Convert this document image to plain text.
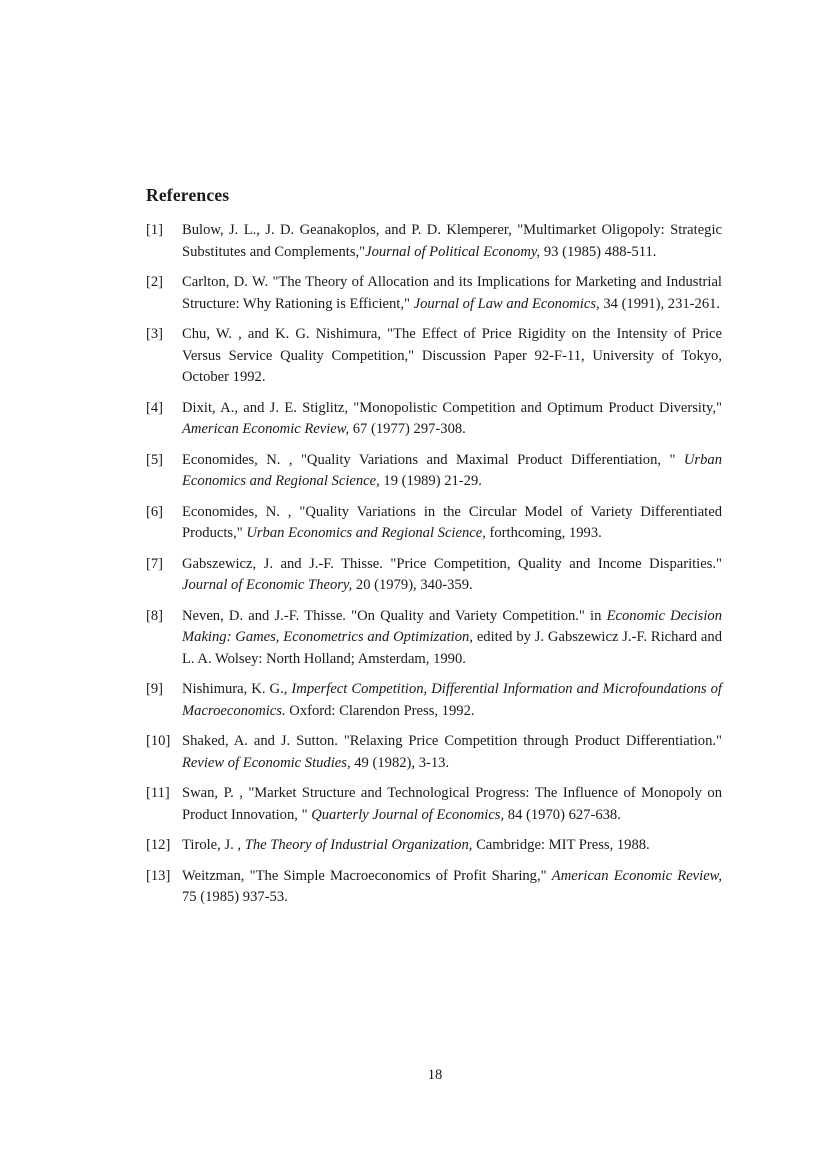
References
[1]	Bulow, J. L., J. D. Geanakoplos, and P. D. Klemperer, "Multimarket Oligopoly: Strategic Substitutes and Complements,"Journal of Political Economy, 93 (1985) 488-511.
[2]	Carlton, D. W. "The Theory of Allocation and its Implications for Marketing and Industrial Structure: Why Rationing is Efficient," Journal of Law and Economics, 34 (1991), 231-261.
[3]	Chu, W. , and K. G. Nishimura, "The Effect of Price Rigidity on the Intensity of Price Versus Service Quality Competition," Discussion Paper 92-F-11, University of Tokyo, October 1992.
[4]	Dixit, A., and J. E. Stiglitz, "Monopolistic Competition and Optimum Product Diversity," American Economic Review, 67 (1977) 297-308.
[5]	Economides, N. , "Quality Variations and Maximal Product Differentiation, " Urban Economics and Regional Science, 19 (1989) 21-29.
[6]	Economides, N. , "Quality Variations in the Circular Model of Variety Differentiated Products," Urban Economics and Regional Science, forthcoming, 1993.
[7]	Gabszewicz, J. and J.-F. Thisse. "Price Competition, Quality and Income Disparities." Journal of Economic Theory, 20 (1979), 340-359.
[8]	Neven, D. and J.-F. Thisse. "On Quality and Variety Competition." in Economic Decision Making: Games, Econometrics and Optimization, edited by J. Gabszewicz J.-F. Richard and L. A. Wolsey: North Holland; Amsterdam, 1990.
[9]	Nishimura, K. G., Imperfect Competition, Differential Information and Microfoundations of Macroeconomics. Oxford: Clarendon Press, 1992.
[10] Shaked, A. and J. Sutton. "Relaxing Price Competition through Product Differentiation." Review of Economic Studies, 49 (1982), 3-13.
[11] Swan, P. , "Market Structure and Technological Progress: The Influence of Monopoly on Product Innovation, " Quarterly Journal of Economics, 84 (1970) 627-638.
[12] Tirole, J. , The Theory of Industrial Organization, Cambridge: MIT Press, 1988.
[13] Weitzman, "The Simple Macroeconomics of Profit Sharing," American Economic Review, 75 (1985) 937-53.
18
